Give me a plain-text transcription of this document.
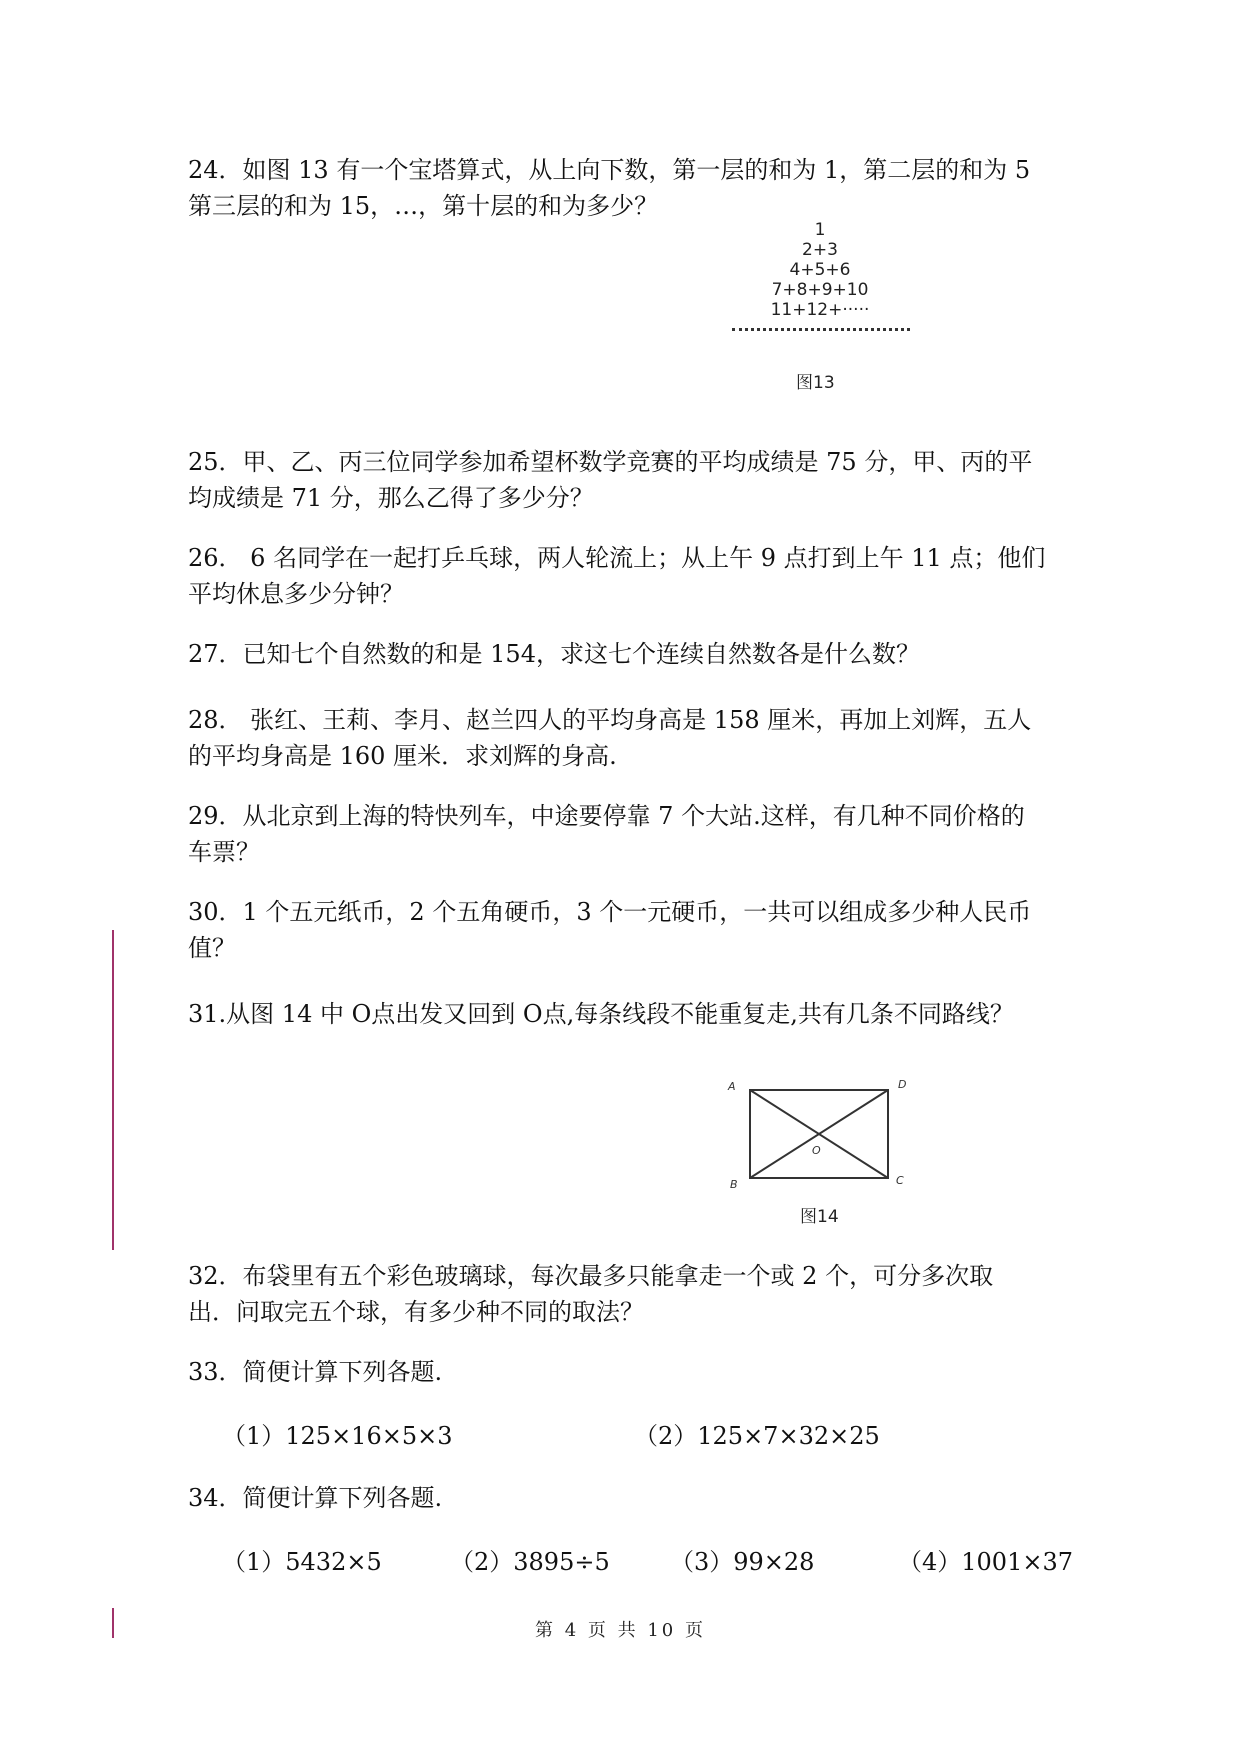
24．如图 13 有一个宝塔算式，从上向下数，第一层的和为 1，第二层的和为 5

第三层的和为 15，…，第十层的和为多少？

1
2+3
4+5+6
7+8+9+10
11+12+·····
图13

25．甲、乙、丙三位同学参加希望杯数学竞赛的平均成绩是 75 分，甲、丙的平

均成绩是 71 分，那么乙得了多少分？

26． 6 名同学在一起打乒乓球，两人轮流上；从上午 9 点打到上午 11 点；他们

平均休息多少分钟？

27．已知七个自然数的和是 154，求这七个连续自然数各是什么数？

28． 张红、王莉、李月、赵兰四人的平均身高是 158 厘米，再加上刘辉，五人

的平均身高是 160 厘米．求刘辉的身高.

29．从北京到上海的特快列车，中途要停靠 7 个大站.这样，有几种不同价格的

车票？

30．1 个五元纸币，2 个五角硬币，3 个一元硬币，一共可以组成多少种人民币

值？

31.从图 14 中 O点出发又回到 O点,每条线段不能重复走,共有几条不同路线？

A	D
B	C
O
图14

32．布袋里有五个彩色玻璃球，每次最多只能拿走一个或 2 个，可分多次取

出．问取完五个球，有多少种不同的取法？

33．简便计算下列各题.

（1）125×16×5×3	（2）125×7×32×25

34．简便计算下列各题.

（1）5432×5	（2）3895÷5	（3）99×28	（4）1001×37

第 4 页 共 10 页
